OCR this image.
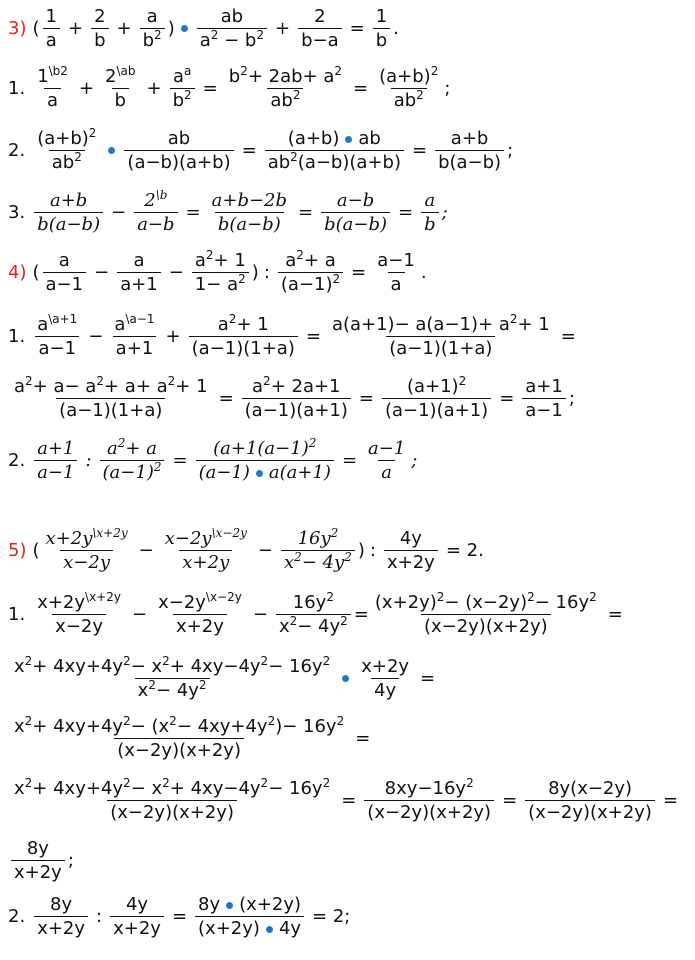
3) ( $\frac{1}{a} + \frac{2}{b} + \frac{a}{b^2}$ ) $\frac{ab}{a^2 - b^2} + \frac{2}{b-a} = \frac{1}{b}$ .
1. $\frac{1^{\backslash b2}}{a} + \frac{2^{\backslash ab}}{b} + \frac{a^a}{b^2} = \frac{b^2+ 2ab+ a^2}{ab^2} = \frac{(a+b)^2}{ab^2}$ ;
2. $\frac{(a+b)^2}{ab^2} \frac{ab}{(a-b)(a+b)} = \frac{(a+b) ab}{ab^2(a-b)(a+b)} = \frac{a+b}{b(a-b)}$ ;
3. $\frac{a+b}{b(a-b)} - \frac{2^{\backslash b}}{a-b} = \frac{a+b-2b}{b(a-b)} = \frac{a-b}{b(a-b)} = \frac{a}{b}$ ;
4) ( $\frac{a}{a-1} - \frac{a}{a+1} - \frac{a^2+ 1}{1- a^2}$ ) : $\frac{a^2+ a}{(a-1)^2} = \frac{a-1}{a}$ .
1. $\frac{a^{\backslash a+1}}{a-1} - \frac{a^{\backslash a-1}}{a+1} + \frac{a^2+ 1}{(a-1)(1+a)} = \frac{a(a+1)- a(a-1)+ a^2+ 1}{(a-1)(1+a)}$ =
$\frac{a^2+ a- a^2+ a+ a^2+ 1}{(a-1)(1+a)} = \frac{a^2+ 2a+1}{(a-1)(a+1)} = \frac{(a+1)^2}{(a-1)(a+1)} = \frac{a+1}{a-1}$ ;
2. $\frac{a+1}{a-1}$ : $\frac{a^2+ a}{(a-1)^2} = \frac{(a+1(a-1)^2}{(a-1) a(a+1)} = \frac{a-1}{a}$ ;
5) ( $\frac{x+2y^{\backslash x+2y}}{x-2y} - \frac{x-2y^{\backslash x-2y}}{x+2y} - \frac{16y^2}{x^2- 4y^2}$ ) : $\frac{4y}{x+2y} = 2$.
1. $\frac{x+2y^{\backslash x+2y}}{x-2y} - \frac{x-2y^{\backslash x-2y}}{x+2y} - \frac{16y^2}{x^2- 4y^2} = \frac{(x+2y)^2- (x-2y)^2- 16y^2}{(x-2y)(x+2y)}$ =
$\frac{x^2+ 4xy+4y^2- x^2+ 4xy-4y^2- 16y^2}{x^2- 4y^2} \frac{x+2y}{4y}$ =
$\frac{x^2+ 4xy+4y^2- (x^2- 4xy+4y^2)- 16y^2}{(x-2y)(x+2y)}$ =
$\frac{x^2+ 4xy+4y^2- x^2+ 4xy-4y^2- 16y^2}{(x-2y)(x+2y)} = \frac{8xy-16y^2}{(x-2y)(x+2y)} = \frac{8y(x-2y)}{(x-2y)(x+2y)}$ =
$\frac{8y}{x+2y}$ ;
2. $\frac{8y}{x+2y}$ : $\frac{4y}{x+2y} = \frac{8y (x+2y)}{(x+2y) 4y} = 2$;
